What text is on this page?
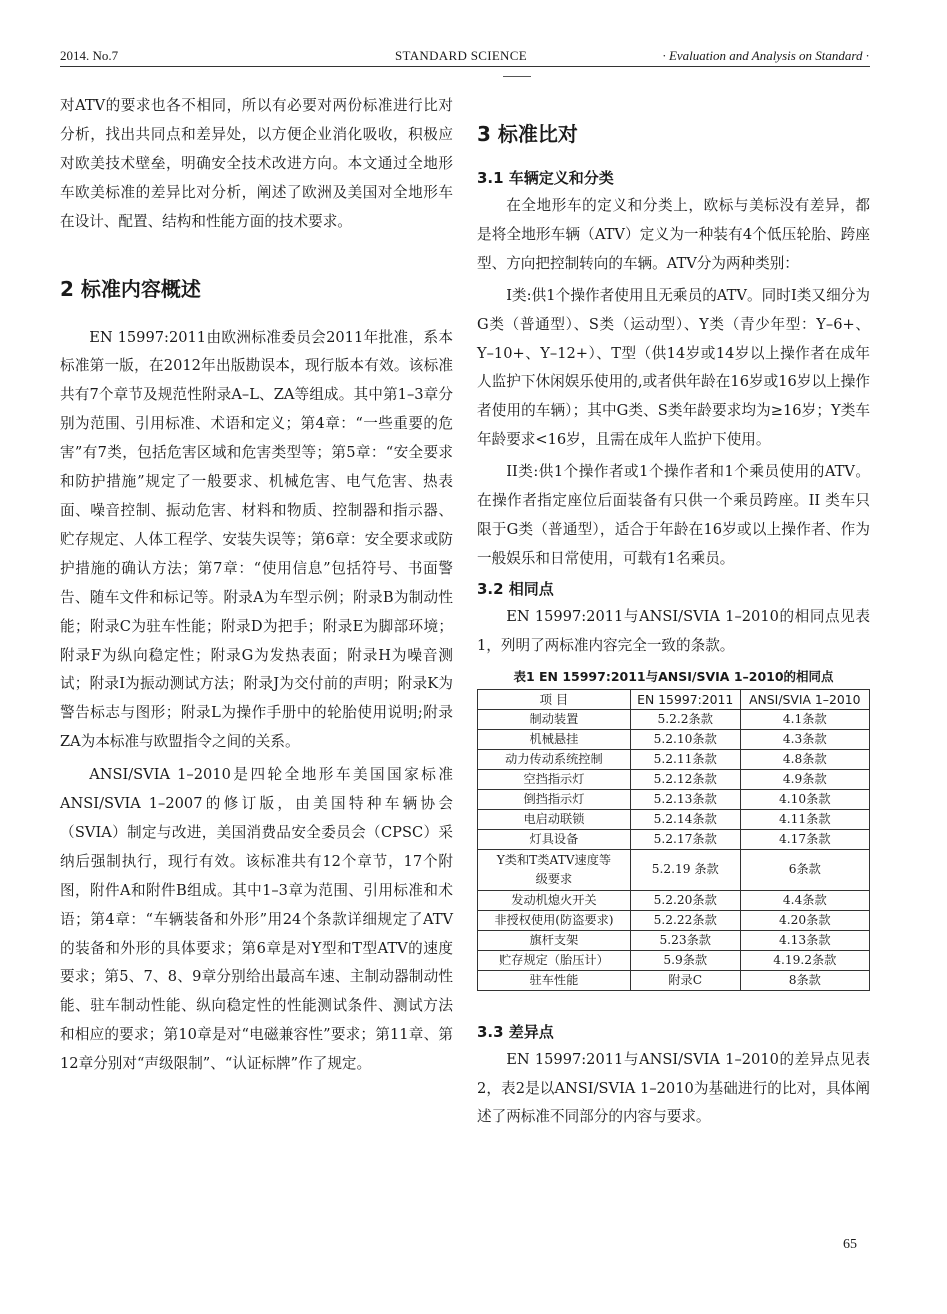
2014. No.7	STANDARD SCIENCE	· Evaluation and Analysis on Standard ·

对ATV的要求也各不相同，所以有必要对两份标准进行比对分析，找出共同点和差异处，以方便企业消化吸收，积极应对欧美技术壁垒，明确安全技术改进方向。本文通过全地形车欧美标准的差异比对分析，阐述了欧洲及美国对全地形车在设计、配置、结构和性能方面的技术要求。

2 标准内容概述

EN 15997:2011由欧洲标准委员会2011年批准，系本标准第一版，在2012年出版勘误本，现行版本有效。该标准共有7个章节及规范性附录A–L、ZA等组成。其中第1–3章分别为范围、引用标准、术语和定义；第4章：“一些重要的危害”有7类，包括危害区域和危害类型等；第5章：“安全要求和防护措施”规定了一般要求、机械危害、电气危害、热表面、噪音控制、振动危害、材料和物质、控制器和指示器、贮存规定、人体工程学、安装失误等；第6章：安全要求或防护措施的确认方法；第7章：“使用信息”包括符号、书面警告、随车文件和标记等。附录A为车型示例；附录B为制动性能；附录C为驻车性能；附录D为把手；附录E为脚部环境；附录F为纵向稳定性；附录G为发热表面；附录H为噪音测试；附录I为振动测试方法；附录J为交付前的声明；附录K为警告标志与图形；附录L为操作手册中的轮胎使用说明;附录ZA为本标准与欧盟指令之间的关系。

ANSI/SVIA 1–2010是四轮全地形车美国国家标准ANSI/SVIA 1–2007的修订版，由美国特种车辆协会（SVIA）制定与改进，美国消费品安全委员会（CPSC）采纳后强制执行，现行有效。该标准共有12个章节，17个附图，附件A和附件B组成。其中1–3章为范围、引用标准和术语；第4章：“车辆装备和外形”用24个条款详细规定了ATV的装备和外形的具体要求；第6章是对Y型和T型ATV的速度要求；第5、7、8、9章分别给出最高车速、主制动器制动性能、驻车制动性能、纵向稳定性的性能测试条件、测试方法和相应的要求；第10章是对“电磁兼容性”要求；第11章、第12章分别对“声级限制”、“认证标牌”作了规定。

3 标准比对
3.1 车辆定义和分类

在全地形车的定义和分类上，欧标与美标没有差异，都是将全地形车辆（ATV）定义为一种装有4个低压轮胎、跨座型、方向把控制转向的车辆。ATV分为两种类别：

I类:供1个操作者使用且无乘员的ATV。同时I类又细分为G类（普通型）、S类（运动型）、Y类（青少年型：Y–6+、Y–10+、Y–12+）、T型（供14岁或14岁以上操作者在成年人监护下休闲娱乐使用的,或者供年龄在16岁或16岁以上操作者使用的车辆）；其中G类、S类年龄要求均为≥16岁；Y类车年龄要求<16岁，且需在成年人监护下使用。

II类:供1个操作者或1个操作者和1个乘员使用的ATV。在操作者指定座位后面装备有只供一个乘员跨座。II 类车只限于G类（普通型），适合于年龄在16岁或以上操作者、作为一般娱乐和日常使用，可载有1名乘员。

3.2 相同点

EN 15997:2011与ANSI/SVIA 1–2010的相同点见表1，列明了两标准内容完全一致的条款。

表1 EN 15997:2011与ANSI/SVIA 1–2010的相同点

项 目	EN 15997:2011	ANSI/SVIA 1–2010
制动装置	5.2.2条款	4.1条款
机械悬挂	5.2.10条款	4.3条款
动力传动系统控制	5.2.11条款	4.8条款
空挡指示灯	5.2.12条款	4.9条款
倒挡指示灯	5.2.13条款	4.10条款
电启动联锁	5.2.14条款	4.11条款
灯具设备	5.2.17条款	4.17条款
Y类和T类ATV速度等级要求	5.2.19 条款	6条款
发动机熄火开关	5.2.20条款	4.4条款
非授权使用(防盗要求)	5.2.22条款	4.20条款
旗杆支架	5.23条款	4.13条款
贮存规定（胎压计）	5.9条款	4.19.2条款
驻车性能	附录C	8条款
3.3 差异点

EN 15997:2011与ANSI/SVIA 1–2010的差异点见表2，表2是以ANSI/SVIA 1–2010为基础进行的比对，具体阐述了两标准不同部分的内容与要求。

65
